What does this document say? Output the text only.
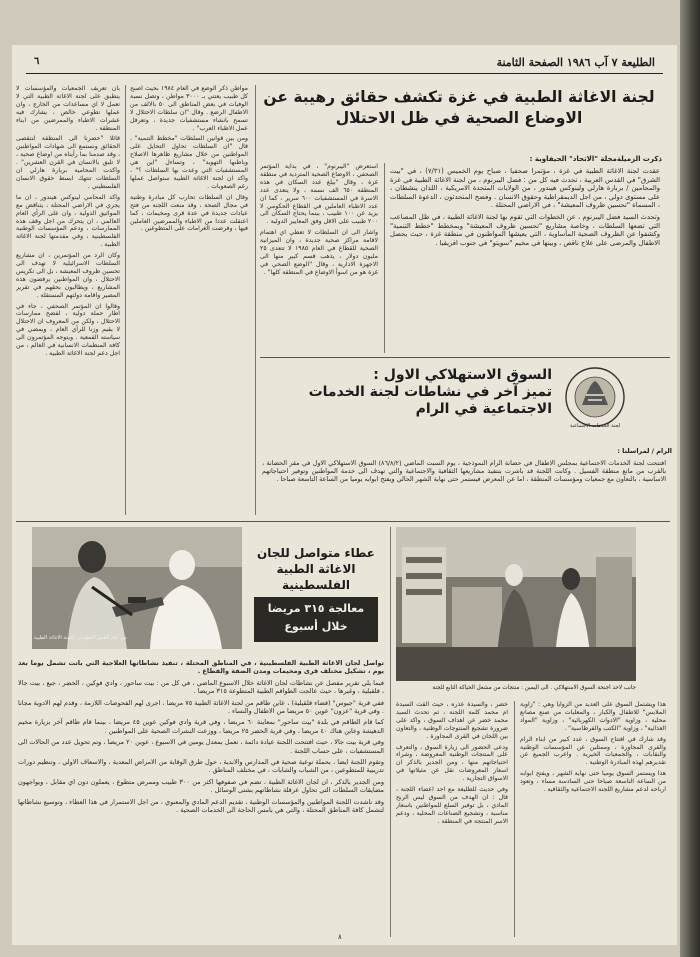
الطليعة ٧ آب ١٩٨٦ الصفحة الثامنة
٦
لجنة الاغاثة الطبية في غزة تكشف حقائق رهيبة عن الاوضاع الصحية في ظل الاحتلال
ذكرت الزميلةمجلة "الاتحاد" الحيفاوية :

عقدت لجنة الاغاثة الطبية في غزة ، مؤتمرا صحفيا ، صباح يوم الخميس (٧/٣١) ، في "بيت الشرق" في القدس العربية ، تحدث فيه كل من : فضل اليبرنوم ، من لجنة الاغاثة الطبية في غزة والمحامين / بربارة هارلي ولينوكس هيندور ، من الولايات المتحدة الامريكية ، اللذان ينشطان ، على مستوى دولي ، من اجل الديمقراطية وحقوق الانسان . وفضح المتحدثون ، الدعوة السلطات ، المسماة "تحسين ظروف المعيشة" ، في الاراضي المحتلة .

وتحدث السيد فضل اليبرنوم ، عن الخطوات التي تقوم بها لجنة الاغاثة الطبية ، في ظل المصاعب التي تضعها السلطات ، وخاصة مشاريع "تحسين ظروف المعيشة" وبمخطط "خطط التنمية" وكشفوا عن الظروف الصحية المأساوية ، التي يعيشها المواطنون في منطقة غزة ، حيث يحصل الاطفال والمرضى على علاج ناقص ، وبينها في مخيم "سويتو" في جنوب افريقيا .

استعرض "اليبرنوم" ، في بداية المؤتمر الصحفي ، الاوضاع الصحية المتردية في منطقة غزة ، وقال "بيلغ عدد السكان في هذه المنطقة ٦٥٠ الف نسمة ، ولا يتعدى عدد الاسرة في المستشفيات ٦٠٠ سرير ، كما ان عدد الاطباء العاملين في القطاع الحكومي لا يزيد عن ١٠٠ طبيب ، بينما يحتاج السكان الى ٢٠٠ طبيب على الاقل وفق المعايير الدولية .

واشار الى ان السلطات لا تعطي اي اهتمام لاقامة مراكز صحية جديدة ، وان الميزانية الصحية للقطاع في العام ١٩٨٥ لا تتعدى ٢٥ مليون دولار ، يذهب قسم كبير منها الى الاجهزة الادارية ، وقال "الوضع الصحي في غزة هو من اسوأ الاوضاع في المنطقة كلها" .

مواطن ذكر الوضع في العام ١٩٨٤ بحيث اصبح كل طبيب يعتني بـ ٣٠٠٠ مواطن ، وتصل نسبة الوفيات في بعض المناطق الى ٥٠ بالالف من الاطفال الرضع . وقال "ان سلطات الاحتلال لا تسمح بانشاء مستشفيات جديدة ، وتعرقل عمل الاطباء العرب" .

ومن بين قوانين السلطات "مخطط التنمية" ، قال "ان السلطات تحاول التحايل على المواطنين من خلال مشاريع ظاهرها الاصلاح وباطنها التهويد" ، وتساءل "اين هي المستشفيات التي وعدت بها السلطات ؟" ، واكد ان لجنة الاغاثة الطبية ستواصل عملها رغم الصعوبات .

وقال ان السلطات تحارب كل مبادرة وطنية في مجال الصحة ، وقد منعت اللجنة من فتح عيادات جديدة في عدة قرى ومخيمات ، كما اعتقلت عددا من الاطباء والممرضين العاملين فيها ، وفرضت الغرامات على المتطوعين .

بأن تعريف الجمعيات والمؤسسات لا ينطبق على لجنة الاغاثة الطبية التي لا تعمل لا اي مساعدات من الخارج ، وان عملها تطوعي خالص ، يشارك فيه عشرات الاطباء والممرضين من ابناء المنطقة .

قائلا "حضرنا الى المنطقة لنتقصى الحقائق ونستمع الى شهادات المواطنين ، وقد صدمنا بما رأيناه من اوضاع صحية ، لا تليق بالانسان في القرن العشرين" . واكدت المحامية بربارة هارلي ان السلطات تنتهك ابسط حقوق الانسان الفلسطيني .

واكد المحامي لينوكس هيندور ، ان ما يجري في الاراضي المحتلة ، يتناقض مع المواثيق الدولية ، وان على الرأي العام العالمي ، ان يتحرك من اجل وقف هذه الممارسات ، ودعم المؤسسات الوطنية الفلسطينية ، وفي مقدمتها لجنة الاغاثة الطبية .

وكان الرد من المؤتمرين ، ان مشاريع السلطات الاسرائيلية لا تهدف الى تحسين ظروف المعيشة ، بل الى تكريس الاحتلال ، وان المواطنين يرفضون هذه المشاريع ، ويطالبون بحقهم في تقرير المصير واقامة دولتهم المستقلة .

وقالوا ان المؤتمر الصحفي ، جاء في اطار حملة دولية ، لفضح ممارسات الاحتلال ، ولكن من المعروف ان الاحتلال لا يقيم وزنا للرأي العام ، ويمضي في سياسته القمعية . ويتوجه المؤتمرون الى كافة المنظمات الانسانية في العالم ، من اجل دعم لجنة الاغاثة الطبية .

لجنة الخدمات الاجتماعية
السوق الاستهلاكي الاول :
تميز آخر في نشاطات لجنة الخدمات الاجتماعية في الرام
الرام / لمراسلنا :

افتتحت لجنة الخدمات الاجتماعية بمجلس الاطفال في حضانة الرام النموذجية ، يوم السبت الماضي (٨٦/٨/٢) السوق الاستهلاكي الاول في مقر الحضانة ، بالقرب من مانع منطقة الفسيل . وكانت اللجنة قد باشرت بتنفيذ مشاريعها الثقافية والاجتماعية والتي تهدف الى خدمة المواطنين وتوفير احتياجاتهم الاساسية ، بالتعاون مع جمعيات ومؤسسات المنطقة ، اما عن المعرض فيستمر حتى نهاية الشهر الحالي ويفتح ابوابه يوميا من الساعة التاسعة صباحا .

من ايام العمل التطوعي للجنة الاغاثة الطبية
عطاء متواصل للجان
الاغاثة الطبية الفلسطينية
معالجة ٣١٥ مريضا خلال أسبوع

تواصل لجان الاغاثة الطبية الفلسطينية ، في المناطق المحتلة ، تنفيذ نشاطاتها العلاجية التي باتت تشمل يوما بعد يوم ، تشكيل مختلف قرى ومخيمات ومدن الضفة والقطاع .

فيما يلي تقرير مفصل عن نشاطات لجان الاغاثة خلال الاسبوع الماضي ، في كل من : بيت ساحور ، وادي فوكين ، الخضر ، جبع ، بيت جالا ، قلقيلية ، وغيرها ، حيث عالجت الطواقم الطبية المتطوعة ٣١٥ مريضا .

ففي قرية "جيوس" (قضاء قلقيلية) ، عاين طاقم من لجنة الاغاثة الطبية ٧٥ مريضا ، اجرى لهم الفحوصات اللازمة ، وقدم لهم الادوية مجانا . وفي قرية "عزون" عوين ٥٠ مريضا من الاطفال والنساء .

كما قام الطاقم في بلدة "بيت ساحور" بمعاينة ٦٠ مريضا ، وفي قرية وادي فوكين عوين ٤٥ مريضا ، بينما قام طاقم آخر بزيارة مخيم الدهيشة وعاين هناك ٤٠ مريضا ، وفي قرية الخضر ٢٥ مريضا ، ووزعت النشرات الصحية على المواطنين .

وفي قرية بيت جالا ، حيث افتتحت اللجنة عيادة دائمة ، تعمل بمعدل يومين في الاسبوع ، عوين ٢٠ مريضا ، وتم تحويل عدد من الحالات الى المستشفيات ، على حساب اللجنة .

وتقوم اللجنة ايضا ، بحملة توعية صحية في المدارس والاندية ، حول طرق الوقاية من الامراض المعدية ، والاسعاف الاولي ، وتنظيم دورات تدريبية للمتطوعين ، من الشباب والشابات ، في مختلف المناطق .

ومن الجدير بالذكر ، ان لجان الاغاثة الطبية ، تضم في صفوفها اكثر من ٣٠٠ طبيب وممرض متطوع ، يعملون دون اي مقابل ، ويواجهون مضايقات السلطات التي تحاول عرقلة نشاطاتهم بشتى الوسائل .

وقد ناشدت اللجنة المواطنين والمؤسسات الوطنية ، تقديم الدعم المادي والمعنوي ، من اجل الاستمرار في هذا العطاء ، وتوسيع نشاطاتها لتشمل كافة المناطق المحتلة ، والتي هي بامس الحاجة الى الخدمات الصحية .

جانب لاحد اجنحة السوق الاستهلاكي . الى اليمين : منتجات من مشغل الحياكة التابع للجنة

خضر ، والسيدة عذره ، حيث القت السيدة ام محمد كلمة اللجنة ، ثم تحدث السيد محمد خضر عن اهداف السوق ، واكد على ضرورة تشجيع المنتوجات الوطنية ، والتعاون بين اللجان في القرى المجاورة .

ودعى الحضور الى زيارة السوق ، والتعرف على المنتجات الوطنية المعروضة ، وشراء احتياجاتهم منها ، ومن الجدير بالذكر ان اسعار المعروضات تقل عن مثيلاتها في الاسواق التجارية .

وفي حديث للطليعة مع احد اعضاء اللجنة ، قال : ان الهدف من السوق ليس الربح المادي ، بل توفير السلع للمواطنين باسعار مناسبة ، وتشجيع الصناعات المحلية ، ودعم الاسر المنتجة في المنطقة .

هذا ويشتمل السوق على العديد من الزوايا وهي : "زاوية الملابس" للاطفال والكبار ، والمعلبات من صنع مصانع محلية ، وزاوية "الادوات الكهربائية" ، وزاوية "المواد الغذائية" ، وزاوية "الكتب والقرطاسية" .

وقد شارك في افتتاح السوق ، عدد كبير من ابناء الرام والقرى المجاورة ، وممثلين عن المؤسسات الوطنية والنقابات ، والجمعيات الخيرية . واعرب الجميع عن تقديرهم لهذه المبادرة الوطنية .

هذا ويستمر السوق يوميا حتى نهاية الشهر ، ويفتح ابوابه من الساعة التاسعة صباحا حتى السادسة مساء ، وتعود ارباحه لدعم مشاريع اللجنة الاجتماعية والثقافية .

٨
